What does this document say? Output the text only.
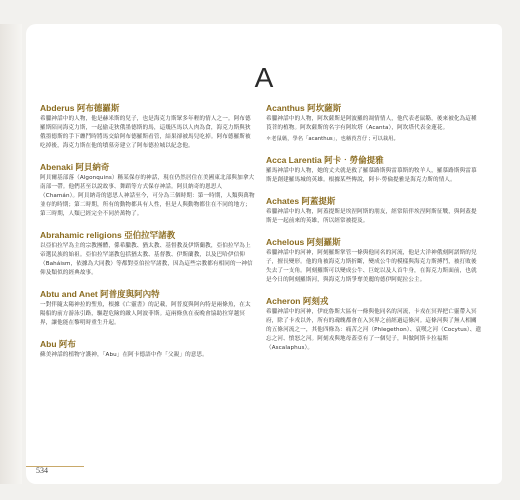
A
Abderus 阿布德羅斯
希臘神話中的人物，他是赫米斯的兒子，也是海克力斯眾多年輕的情人之一。阿布德羅斯陪同海克力斯，一起偷走狄俄墨德斯的馬，這幾匹馬以人肉為食，海克力斯與狄俄墨德斯的手下纏鬥時將馬交給阿布德羅斯看管，結果卻被馬兒吃掉。阿布德羅斯被吃掉後，海克力斯在他的墳墓旁建立了阿布德拉城以紀念他。
Abenaki 阿貝納奇
阿貝爾基部落（Algonquins）稱某保存的神話，現在仍然居住在美國東北部與加拿大南部一帶。他們甚至以說故事、舞蹈等方式保存神話。阿貝納奇的恩思人（Chamán）。阿貝納奇的恩思人神話至今，可分為三個時期：第一時期，人類與萬物並存的時期；第二時期，所有的動物都具有人性，但是人與動物都住在不同的地方；第三時期，人類已經完全不同於萬物了。
Abrahamic religions 亞伯拉罕諸教
以亞伯拉罕為主的宗教團體，係希臘教、猶太教、基督教及伊斯蘭教，亞伯拉罕為上帝選民族的始祖。亞伯拉罕諸教包括猶太教、基督教、伊斯蘭教，以及巴哈伊信仰（Baháism，依據為大同教）等都對亞伯拉罕諸教，因為這些宗教都有相同的一神信仰及類似的經典故事。
Abtu and Anet 阿普度與阿內特
一對伴隨太陽神拉的聖魚，根據《亡靈書》的記載，阿普度與阿內特是兩條魚，在太陽船的前方游泳引路，驅趕危險的敵人阿波菲斯。這兩條魚在夜晚會協助拉穿越冥界，讓他能在黎明時重生升起。
Abu 阿布
蘇美神話的植物守護神，「Abu」在阿卡德語中作「父親」的意思。
Acanthus 阿坎薩斯
希臘神話中的人物，阿坎薩斯是阿波羅的凋情情人，他代表老鼠簕，後來被化為這種莨苕的植物。阿坎薩斯的名字有阿坎塔（Acanta），阿坎塔代表金蓮花。
＊老鼠簕，學名「acanthus」，也稱莨苕仔 ; 可以栽用。
Acca Larentia 阿卡‧勞倫提雅
羅馬神話中的人物，她的丈夫就是救了羅慕路斯與雷慕斯的牧羊人，羅慕路斯與雷慕斯是創建羅馬城的英雄。根據某些傳說，阿卡‧勞倫提雅是海克力斯的情人。
Achates 阿蓋提斯
希臘神話中的人物，阿蓋提斯是埃涅阿斯的朋友，經常陪伴埃涅阿斯征戰，與阿蓋提斯是一起前來的英雄，所以經常被提及。
Achelous 阿刻羅斯
希臘神話中的河神，阿刻羅斯掌管一條與他同名的河流，他是大洋神俄刻阿諾斯的兒子，擅長變形。他的角被海克力斯折斷，變成公牛的模樣與海克力斯搏鬥，被打敗後失去了一支角。阿刻羅斯可以變成公牛、巨蛇以及人首牛身，在海克力斯面前，也就是今日的阿刻羅斯河，與海克力斯爭奪美麗的德伊阿妮拉公主。
Acheron 阿刻戎
希臘神話中的河神，伊庇魯斯大區有一條與他同名的河流，卡戎在冥界把亡靈帶入冥府，除了卡戎以外，所有的魂魄都會在入冥界之前經過這條河。這條河與了無人相關的五條河流之一，其他四條為：痛苦之河（Phlegethon）、哀嘆之河（Cocytus）、遺忘之河、憤怒之河。阿刻戎與地母蓋亞有了一個兒子，叫做阿斯卡拉福斯（Ascalaphus）。
534
